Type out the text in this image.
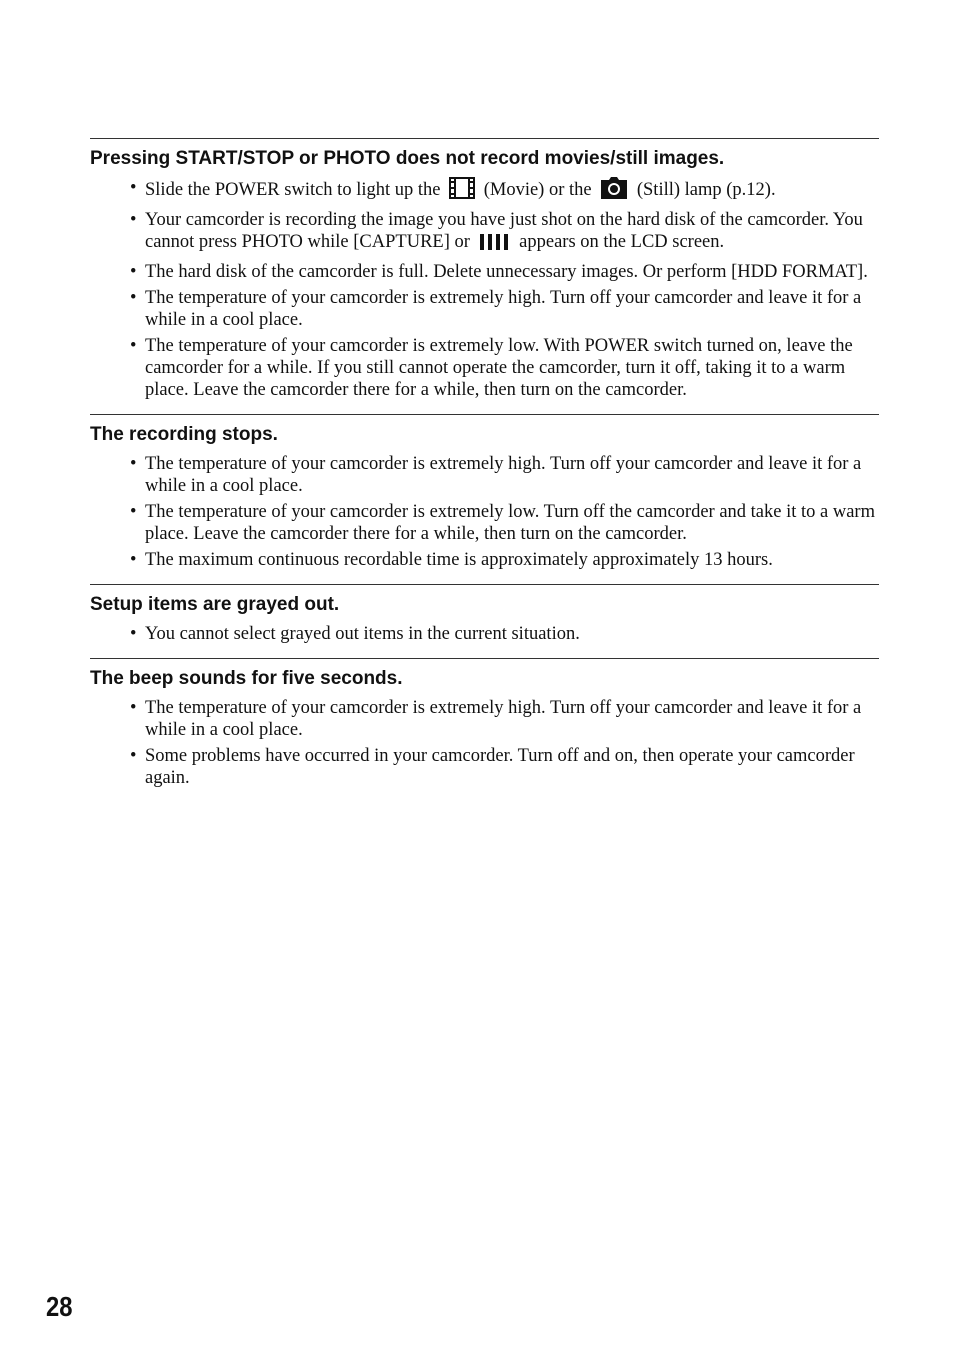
Pressing START/STOP or PHOTO does not record movies/still images.
• Slide the POWER switch to light up the (Movie) or the (Still) lamp (p.12).
• Your camcorder is recording the image you have just shot on the hard disk of the camcorder. You cannot press PHOTO while [CAPTURE] or	appears on the LCD screen.
• The hard disk of the camcorder is full. Delete unnecessary images. Or perform [HDD FORMAT].
• The temperature of your camcorder is extremely high. Turn off your camcorder and leave it for a while in a cool place.
• The temperature of your camcorder is extremely low. With POWER switch turned on, leave the camcorder for a while. If you still cannot operate the camcorder, turn it off, taking it to a warm place. Leave the camcorder there for a while, then turn on the camcorder.
The recording stops.
• The temperature of your camcorder is extremely high. Turn off your camcorder and leave it for a while in a cool place.
• The temperature of your camcorder is extremely low. Turn off the camcorder and take it to a warm place. Leave the camcorder there for a while, then turn on the camcorder.
• The maximum continuous recordable time is approximately approximately 13 hours.
Setup items are grayed out.
• You cannot select grayed out items in the current situation.
The beep sounds for five seconds.
• The temperature of your camcorder is extremely high. Turn off your camcorder and leave it for a while in a cool place.
• Some problems have occurred in your camcorder. Turn off and on, then operate your camcorder again.
28
